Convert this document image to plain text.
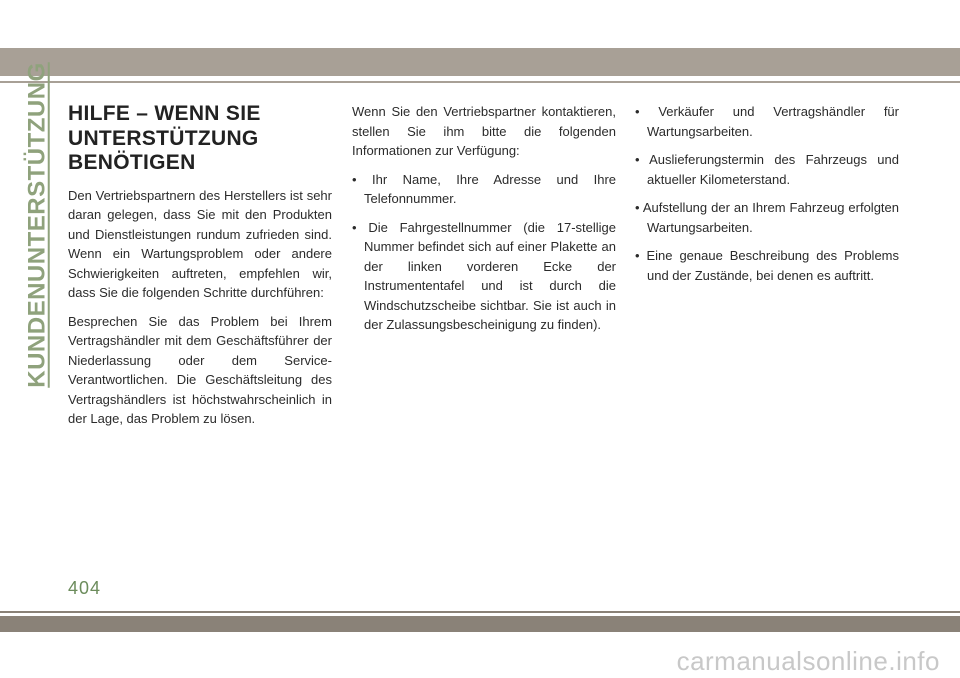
KUNDENUNTERSTÜTZUNG HILFE – WENN SIE
UNTERSTÜTZUNG
BENÖTIGEN

Den Vertriebspartnern des Herstellers ist sehr daran gelegen, dass Sie mit den Produkten und Dienstleistungen rundum zufrieden sind. Wenn ein Wartungsproblem oder andere Schwierigkeiten auftreten, empfehlen wir, dass Sie die folgenden Schritte durchführen:

Besprechen Sie das Problem bei Ihrem Vertragshändler mit dem Geschäftsführer der Niederlassung oder dem Service-Verantwortlichen. Die Geschäftsleitung des Vertragshändlers ist höchstwahrscheinlich in der Lage, das Problem zu lösen.

Wenn Sie den Vertriebspartner kontaktieren, stellen Sie ihm bitte die folgenden Informationen zur Verfügung:

• Ihr Name, Ihre Adresse und Ihre Telefonnummer.
• Die Fahrgestellnummer (die 17-stellige Nummer befindet sich auf einer Plakette an der linken vorderen Ecke der Instrumententafel und ist durch die Windschutzscheibe sichtbar. Sie ist auch in der Zulassungsbescheinigung zu finden).
• Verkäufer und Vertragshändler für Wartungsarbeiten.
• Auslieferungstermin des Fahrzeugs und aktueller Kilometerstand.
• Aufstellung der an Ihrem Fahrzeug erfolgten Wartungsarbeiten.
• Eine genaue Beschreibung des Problems und der Zustände, bei denen es auftritt.
404
carmanualsonline.info
